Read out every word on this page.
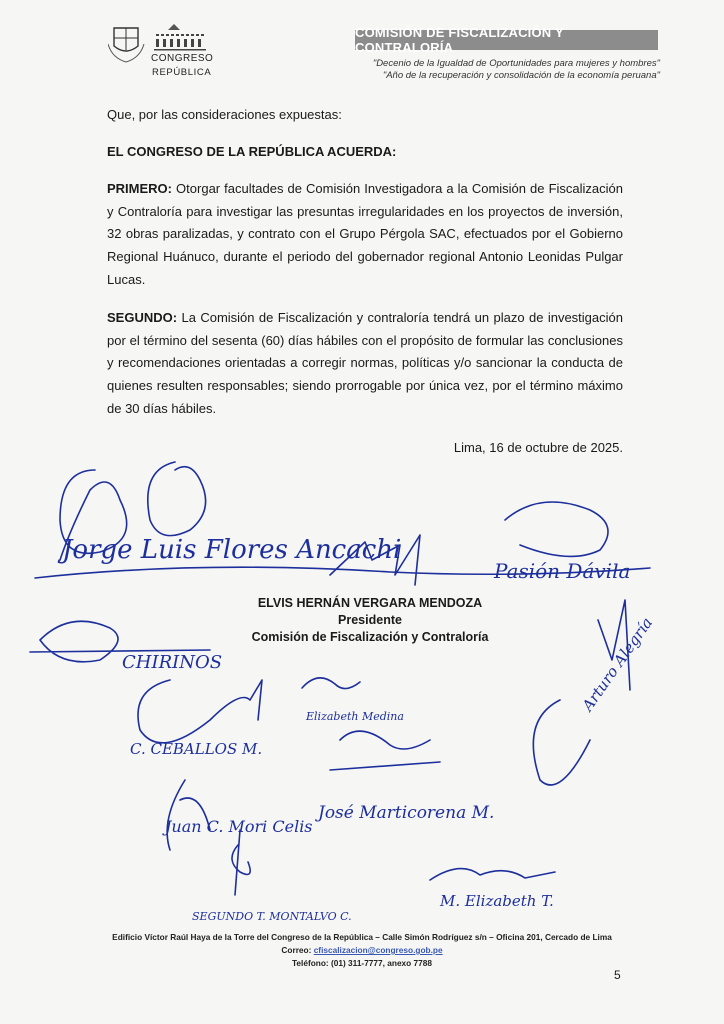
CONGRESO
REPÚBLICA
COMISIÓN DE FISCALIZACIÓN Y CONTRALORÍA
"Decenio de la Igualdad de Oportunidades para mujeres y hombres"
"Año de la recuperación y consolidación de la economía peruana"
Que, por las consideraciones expuestas:
EL CONGRESO DE LA REPÚBLICA ACUERDA:
PRIMERO: Otorgar facultades de Comisión Investigadora a la Comisión de Fiscalización y Contraloría para investigar las presuntas irregularidades en los proyectos de inversión, 32 obras paralizadas, y contrato con el Grupo Pérgola SAC, efectuados por el Gobierno Regional Huánuco, durante el periodo del gobernador regional Antonio Leonidas Pulgar Lucas.
SEGUNDO: La Comisión de Fiscalización y contraloría tendrá un plazo de investigación por el término del sesenta (60) días hábiles con el propósito de formular las conclusiones y recomendaciones orientadas a corregir normas, políticas y/o sancionar la conducta de quienes resulten responsables; siendo prorrogable por única vez, por el término máximo de 30 días hábiles.
Lima, 16 de octubre de 2025.
Jorge Luis Flores Ancachi
Pasión Dávila
CHIRINOS
C. CEBALLOS M.
Elizabeth Medina
Juan C. Mori Celis
José Marticorena M.
SEGUNDO T. MONTALVO C.
M. Elizabeth T.
Arturo Alegría
ELVIS HERNÁN VERGARA MENDOZA
Presidente
Comisión de Fiscalización y Contraloría
Edificio Víctor Raúl Haya de la Torre del Congreso de la República – Calle Simón Rodríguez s/n – Oficina 201, Cercado de Lima
Correo: cfiscalizacion@congreso.gob.pe
Teléfono: (01) 311-7777, anexo 7788
5
